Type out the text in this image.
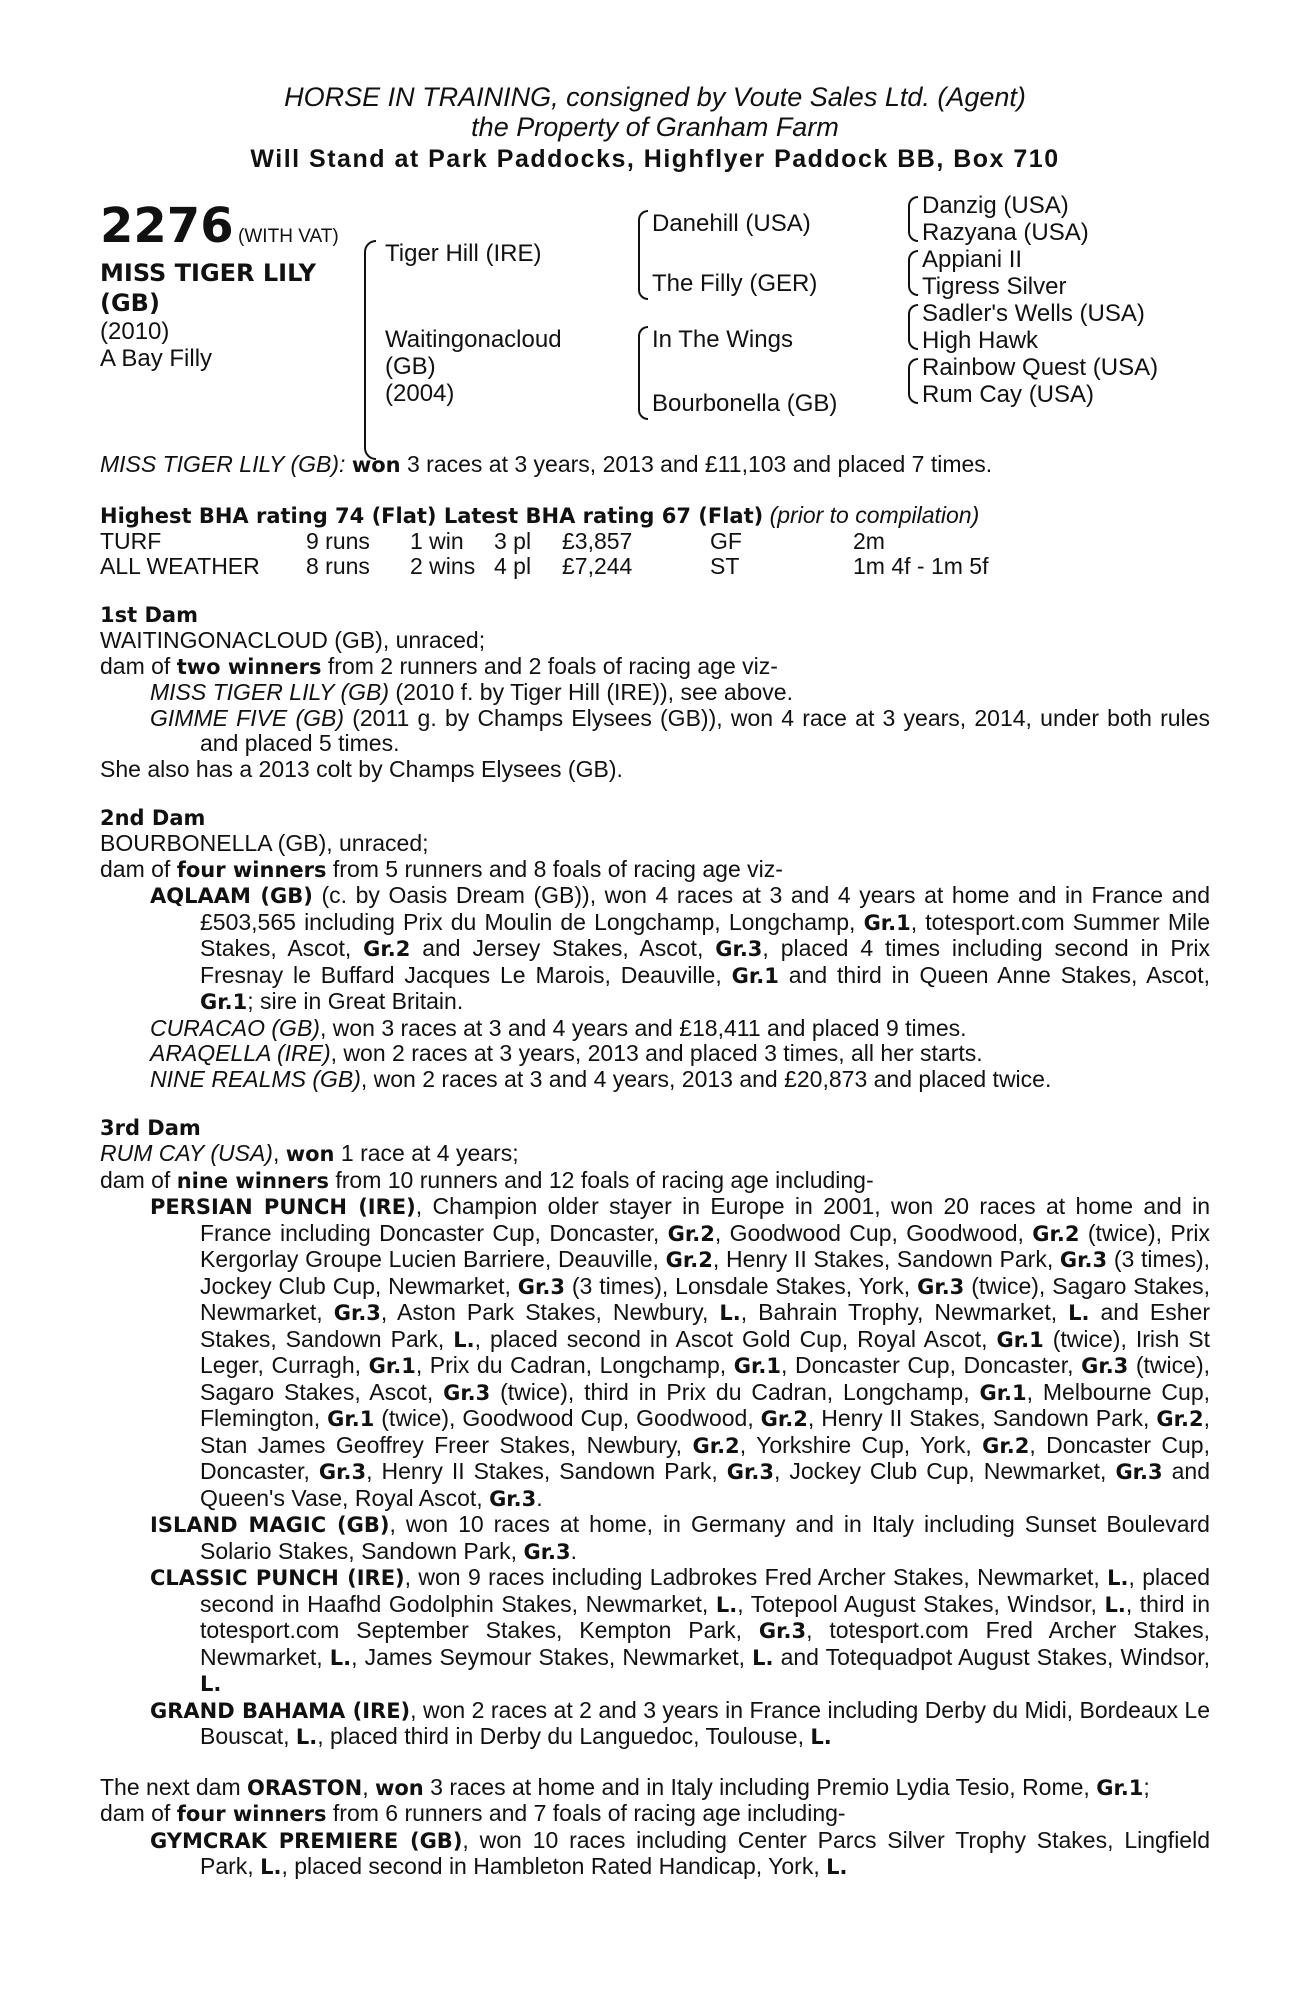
HORSE IN TRAINING, consigned by Voute Sales Ltd. (Agent)
the Property of Granham Farm
Will Stand at Park Paddocks, Highflyer Paddock BB, Box 710
2276 (WITH VAT)
MISS TIGER LILY
(GB)
(2010)
A Bay Filly
Tiger Hill (IRE)
Waitingonacloud
(GB)
(2004)
Danehill (USA)
The Filly (GER)
In The Wings
Bourbonella (GB)
Danzig (USA)
Razyana (USA)
Appiani II
Tigress Silver
Sadler's Wells (USA)
High Hawk
Rainbow Quest (USA)
Rum Cay (USA)
MISS TIGER LILY (GB): won 3 races at 3 years, 2013 and £11,103 and placed 7 times.
Highest BHA rating 74 (Flat) Latest BHA rating 67 (Flat) (prior to compilation)
TURF	9 runs	1 win	3 pl	£3,857	GF	2m
ALL WEATHER	8 runs	2 wins 4 pl	£7,244	ST	1m 4f - 1m 5f
1st Dam

WAITINGONACLOUD (GB), unraced;

dam of two winners from 2 runners and 2 foals of racing age viz-

MISS TIGER LILY (GB) (2010 f. by Tiger Hill (IRE)), see above.

GIMME FIVE (GB) (2011 g. by Champs Elysees (GB)), won 4 race at 3 years, 2014, under both rules and placed 5 times.

She also has a 2013 colt by Champs Elysees (GB).

2nd Dam

BOURBONELLA (GB), unraced;

dam of four winners from 5 runners and 8 foals of racing age viz-

AQLAAM (GB) (c. by Oasis Dream (GB)), won 4 races at 3 and 4 years at home and in France and £503,565 including Prix du Moulin de Longchamp, Longchamp, Gr.1, totesport.com Summer Mile Stakes, Ascot, Gr.2 and Jersey Stakes, Ascot, Gr.3, placed 4 times including second in Prix Fresnay le Buffard Jacques Le Marois, Deauville, Gr.1 and third in Queen Anne Stakes, Ascot, Gr.1; sire in Great Britain.

CURACAO (GB), won 3 races at 3 and 4 years and £18,411 and placed 9 times.

ARAQELLA (IRE), won 2 races at 3 years, 2013 and placed 3 times, all her starts.

NINE REALMS (GB), won 2 races at 3 and 4 years, 2013 and £20,873 and placed twice.

3rd Dam

RUM CAY (USA), won 1 race at 4 years;

dam of nine winners from 10 runners and 12 foals of racing age including-

PERSIAN PUNCH (IRE), Champion older stayer in Europe in 2001, won 20 races at home and in France including Doncaster Cup, Doncaster, Gr.2, Goodwood Cup, Goodwood, Gr.2 (twice), Prix Kergorlay Groupe Lucien Barriere, Deauville, Gr.2, Henry II Stakes, Sandown Park, Gr.3 (3 times), Jockey Club Cup, Newmarket, Gr.3 (3 times), Lonsdale Stakes, York, Gr.3 (twice), Sagaro Stakes, Newmarket, Gr.3, Aston Park Stakes, Newbury, L., Bahrain Trophy, Newmarket, L. and Esher Stakes, Sandown Park, L., placed second in Ascot Gold Cup, Royal Ascot, Gr.1 (twice), Irish St Leger, Curragh, Gr.1, Prix du Cadran, Longchamp, Gr.1, Doncaster Cup, Doncaster, Gr.3 (twice), Sagaro Stakes, Ascot, Gr.3 (twice), third in Prix du Cadran, Longchamp, Gr.1, Melbourne Cup, Flemington, Gr.1 (twice), Goodwood Cup, Goodwood, Gr.2, Henry II Stakes, Sandown Park, Gr.2, Stan James Geoffrey Freer Stakes, Newbury, Gr.2, Yorkshire Cup, York, Gr.2, Doncaster Cup, Doncaster, Gr.3, Henry II Stakes, Sandown Park, Gr.3, Jockey Club Cup, Newmarket, Gr.3 and Queen's Vase, Royal Ascot, Gr.3.

ISLAND MAGIC (GB), won 10 races at home, in Germany and in Italy including Sunset Boulevard Solario Stakes, Sandown Park, Gr.3.

CLASSIC PUNCH (IRE), won 9 races including Ladbrokes Fred Archer Stakes, Newmarket, L., placed second in Haafhd Godolphin Stakes, Newmarket, L., Totepool August Stakes, Windsor, L., third in totesport.com September Stakes, Kempton Park, Gr.3, totesport.com Fred Archer Stakes, Newmarket, L., James Seymour Stakes, Newmarket, L. and Totequadpot August Stakes, Windsor, L.

GRAND BAHAMA (IRE), won 2 races at 2 and 3 years in France including Derby du Midi, Bordeaux Le Bouscat, L., placed third in Derby du Languedoc, Toulouse, L.

The next dam ORASTON, won 3 races at home and in Italy including Premio Lydia Tesio, Rome, Gr.1;

dam of four winners from 6 runners and 7 foals of racing age including-

GYMCRAK PREMIERE (GB), won 10 races including Center Parcs Silver Trophy Stakes, Lingfield Park, L., placed second in Hambleton Rated Handicap, York, L.
